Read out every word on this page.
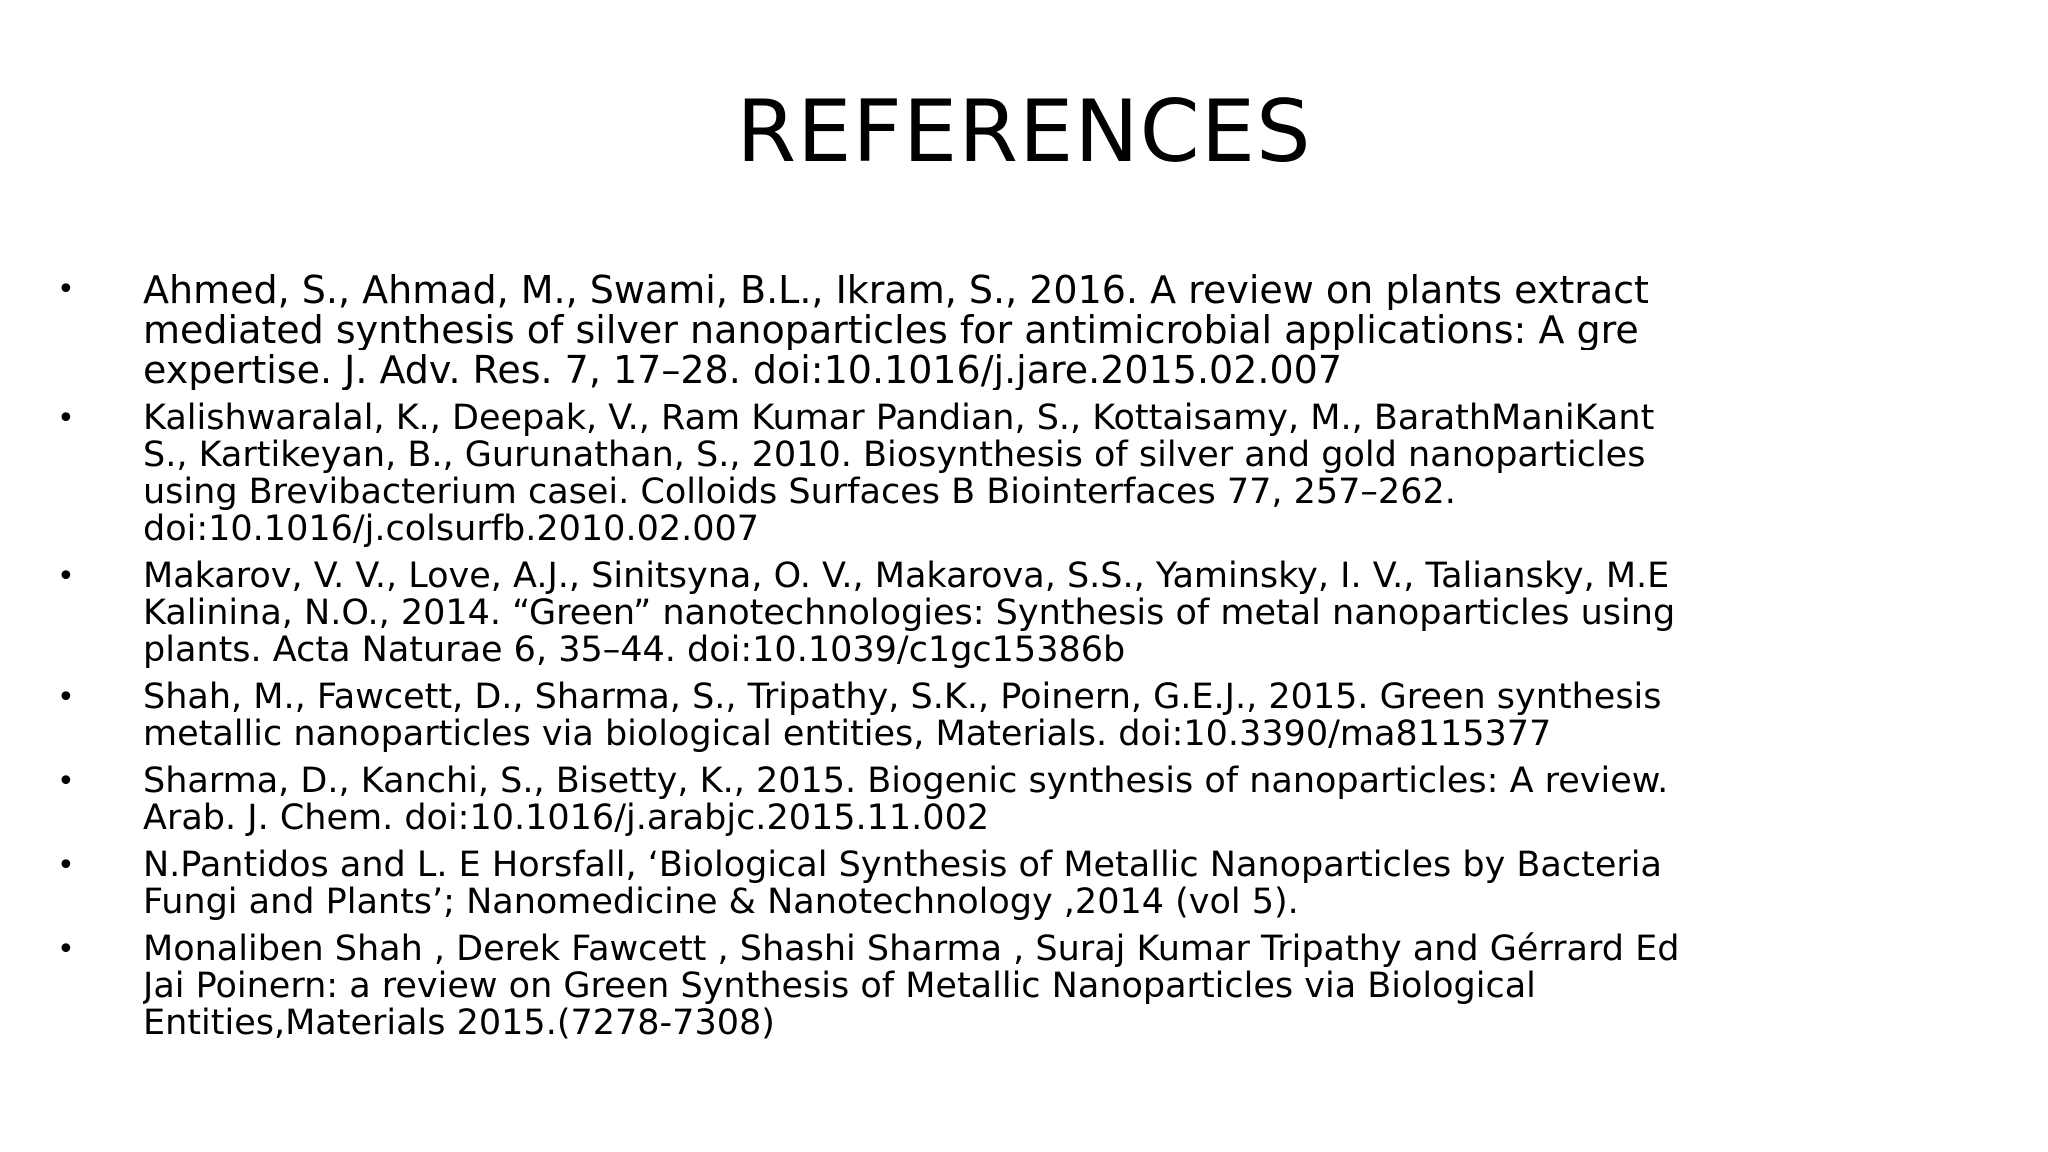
REFERENCES
•	Ahmed, S., Ahmad, M., Swami, B.L., Ikram, S., 2016. A review on plants extract
mediated synthesis of silver nanoparticles for antimicrobial applications: A gre
expertise. J. Adv. Res. 7, 17–28. doi:10.1016/j.jare.2015.02.007
•	Kalishwaralal, K., Deepak, V., Ram Kumar Pandian, S., Kottaisamy, M., BarathManiKant
S., Kartikeyan, B., Gurunathan, S., 2010. Biosynthesis of silver and gold nanoparticles
using Brevibacterium casei. Colloids Surfaces B Biointerfaces 77, 257–262.
doi:10.1016/j.colsurfb.2010.02.007
•	Makarov, V. V., Love, A.J., Sinitsyna, O. V., Makarova, S.S., Yaminsky, I. V., Taliansky, M.E
Kalinina, N.O., 2014. “Green” nanotechnologies: Synthesis of metal nanoparticles using
plants. Acta Naturae 6, 35–44. doi:10.1039/c1gc15386b
•	Shah, M., Fawcett, D., Sharma, S., Tripathy, S.K., Poinern, G.E.J., 2015. Green synthesis
metallic nanoparticles via biological entities, Materials. doi:10.3390/ma8115377
•	Sharma, D., Kanchi, S., Bisetty, K., 2015. Biogenic synthesis of nanoparticles: A review.
Arab. J. Chem. doi:10.1016/j.arabjc.2015.11.002
•	N.Pantidos and L. E Horsfall, ‘Biological Synthesis of Metallic Nanoparticles by Bacteria
Fungi and Plants’; Nanomedicine & Nanotechnology ,2014 (vol 5).
•	Monaliben Shah , Derek Fawcett , Shashi Sharma , Suraj Kumar Tripathy and Gérrard Ed
Jai Poinern: a review on Green Synthesis of Metallic Nanoparticles via Biological
Entities,Materials 2015.(7278-7308)
